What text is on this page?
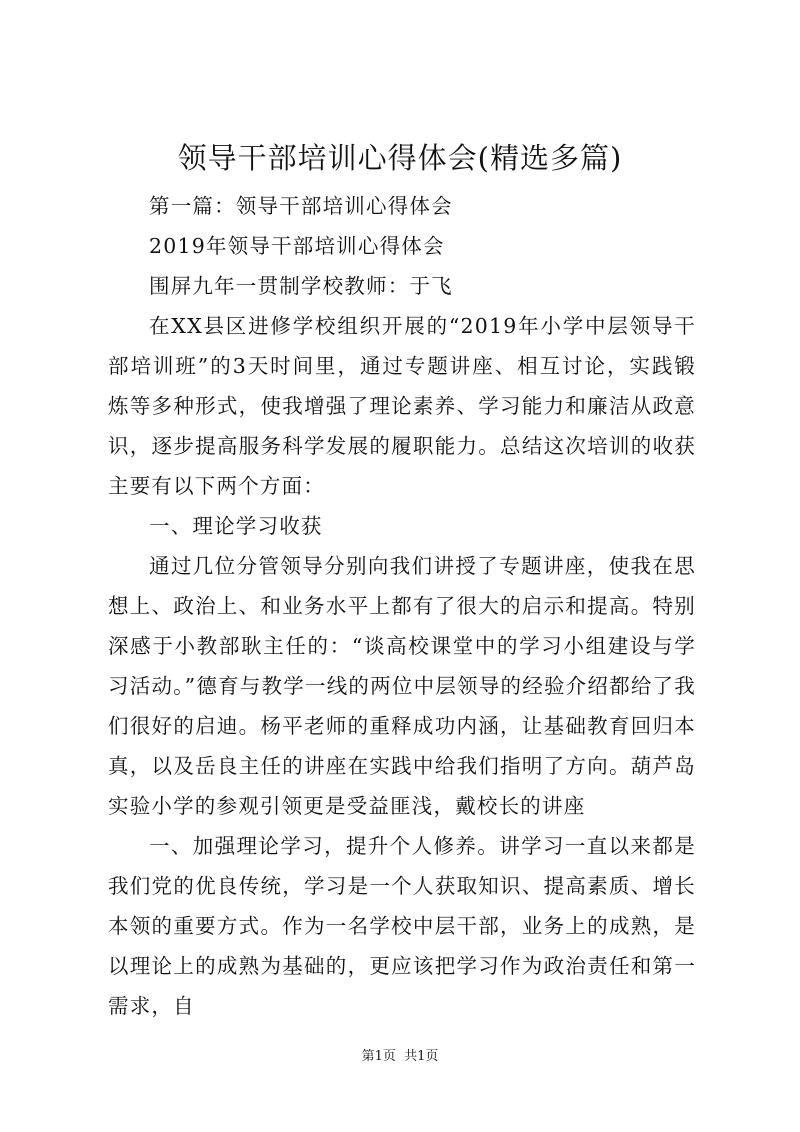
领导干部培训心得体会(精选多篇)

第一篇：领导干部培训心得体会

2019年领导干部培训心得体会

围屏九年一贯制学校教师：于飞

在XX县区进修学校组织开展的“2019年小学中层领导干部培训班”的3天时间里，通过专题讲座、相互讨论，实践锻炼等多种形式，使我增强了理论素养、学习能力和廉洁从政意识，逐步提高服务科学发展的履职能力。总结这次培训的收获主要有以下两个方面：

一、理论学习收获

通过几位分管领导分别向我们讲授了专题讲座，使我在思想上、政治上、和业务水平上都有了很大的启示和提高。特别深感于小教部耿主任的：“谈高校课堂中的学习小组建设与学习活动。”德育与教学一线的两位中层领导的经验介绍都给了我们很好的启迪。杨平老师的重释成功内涵，让基础教育回归本真，以及岳良主任的讲座在实践中给我们指明了方向。葫芦岛实验小学的参观引领更是受益匪浅，戴校长的讲座

一、加强理论学习，提升个人修养。讲学习一直以来都是我们党的优良传统，学习是一个人获取知识、提高素质、增长本领的重要方式。作为一名学校中层干部，业务上的成熟，是以理论上的成熟为基础的，更应该把学习作为政治责任和第一需求，自

第1页 共1页
